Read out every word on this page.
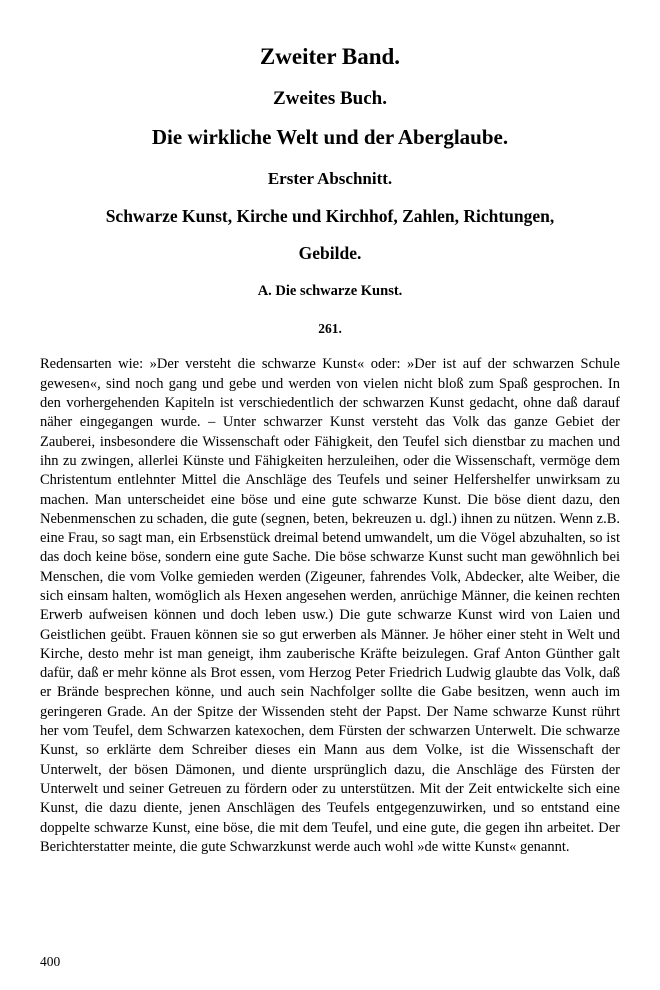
Zweiter Band.
Zweites Buch.
Die wirkliche Welt und der Aberglaube.
Erster Abschnitt.
Schwarze Kunst, Kirche und Kirchhof, Zahlen, Richtungen,
Gebilde.
A. Die schwarze Kunst.
261.

Redensarten wie: »Der versteht die schwarze Kunst« oder: »Der ist auf der schwarzen Schule gewesen«, sind noch gang und gebe und werden von vielen nicht bloß zum Spaß gesprochen. In den vorhergehenden Kapiteln ist verschiedentlich der schwarzen Kunst gedacht, ohne daß darauf näher eingegangen wurde. – Unter schwarzer Kunst versteht das Volk das ganze Gebiet der Zauberei, insbesondere die Wissenschaft oder Fähigkeit, den Teufel sich dienstbar zu machen und ihn zu zwingen, allerlei Künste und Fähigkeiten herzuleihen, oder die Wissenschaft, vermöge dem Christentum entlehnter Mittel die Anschläge des Teufels und seiner Helfershelfer unwirksam zu machen. Man unterscheidet eine böse und eine gute schwarze Kunst. Die böse dient dazu, den Nebenmenschen zu schaden, die gute (segnen, beten, bekreuzen u. dgl.) ihnen zu nützen. Wenn z.B. eine Frau, so sagt man, ein Erbsenstück dreimal betend umwandelt, um die Vögel abzuhalten, so ist das doch keine böse, sondern eine gute Sache. Die böse schwarze Kunst sucht man gewöhnlich bei Menschen, die vom Volke gemieden werden (Zigeuner, fahrendes Volk, Abdecker, alte Weiber, die sich einsam halten, womöglich als Hexen angesehen werden, anrüchige Männer, die keinen rechten Erwerb aufweisen können und doch leben usw.) Die gute schwarze Kunst wird von Laien und Geistlichen geübt. Frauen können sie so gut erwerben als Männer. Je höher einer steht in Welt und Kirche, desto mehr ist man geneigt, ihm zauberische Kräfte beizulegen. Graf Anton Günther galt dafür, daß er mehr könne als Brot essen, vom Herzog Peter Friedrich Ludwig glaubte das Volk, daß er Brände besprechen könne, und auch sein Nachfolger sollte die Gabe besitzen, wenn auch im geringeren Grade. An der Spitze der Wissenden steht der Papst. Der Name schwarze Kunst rührt her vom Teufel, dem Schwarzen katexochen, dem Fürsten der schwarzen Unterwelt. Die schwarze Kunst, so erklärte dem Schreiber dieses ein Mann aus dem Volke, ist die Wissenschaft der Unterwelt, der bösen Dämonen, und diente ursprünglich dazu, die Anschläge des Fürsten der Unterwelt und seiner Getreuen zu fördern oder zu unterstützen. Mit der Zeit entwickelte sich eine Kunst, die dazu diente, jenen Anschlägen des Teufels entgegenzuwirken, und so entstand eine doppelte schwarze Kunst, eine böse, die mit dem Teufel, und eine gute, die gegen ihn arbeitet. Der Berichterstatter meinte, die gute Schwarzkunst werde auch wohl »de witte Kunst« genannt.

400
